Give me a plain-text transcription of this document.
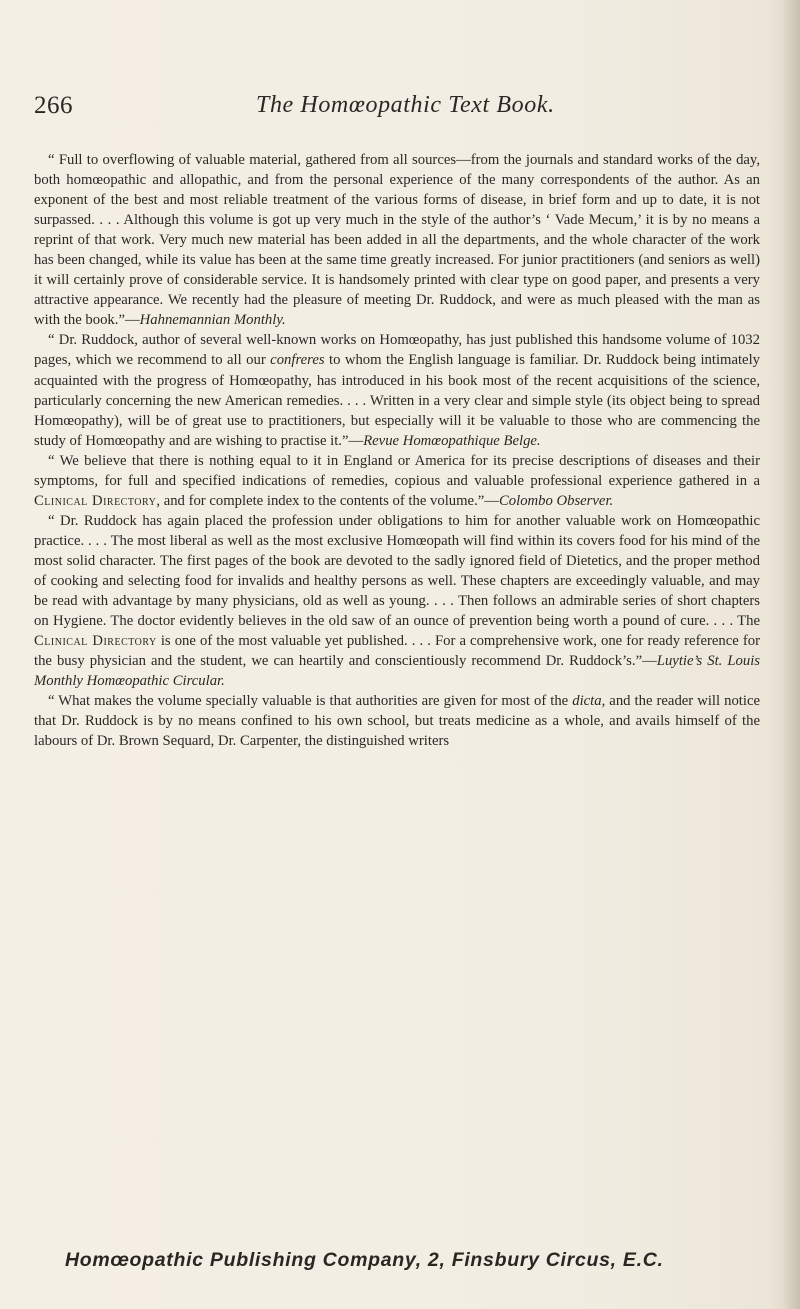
266	The Homœopathic Text Book.

“ Full to overflowing of valuable material, gathered from all sources—from the journals and standard works of the day, both homœopathic and allopathic, and from the personal experience of the many correspondents of the author. As an exponent of the best and most reliable treatment of the various forms of disease, in brief form and up to date, it is not surpassed. . . . Although this volume is got up very much in the style of the author’s ‘ Vade Mecum,’ it is by no means a reprint of that work. Very much new material has been added in all the departments, and the whole character of the work has been changed, while its value has been at the same time greatly increased. For junior practitioners (and seniors as well) it will certainly prove of considerable service. It is handsomely printed with clear type on good paper, and presents a very attractive appearance. We recently had the pleasure of meeting Dr. Ruddock, and were as much pleased with the man as with the book.”—Hahnemannian Monthly.

“ Dr. Ruddock, author of several well-known works on Homœopathy, has just published this handsome volume of 1032 pages, which we recommend to all our confreres to whom the English language is familiar. Dr. Ruddock being intimately acquainted with the progress of Homœopathy, has introduced in his book most of the recent acquisitions of the science, particularly concerning the new American remedies. . . . Written in a very clear and simple style (its object being to spread Homœopathy), will be of great use to practitioners, but especially will it be valuable to those who are commencing the study of Homœopathy and are wishing to practise it.”—Revue Homœopathique Belge.

“ We believe that there is nothing equal to it in England or America for its precise descriptions of diseases and their symptoms, for full and specified indications of remedies, copious and valuable professional experience gathered in a Clinical Directory, and for complete index to the contents of the volume.”—Colombo Observer.

“ Dr. Ruddock has again placed the profession under obligations to him for another valuable work on Homœopathic practice. . . . The most liberal as well as the most exclusive Homœopath will find within its covers food for his mind of the most solid character. The first pages of the book are devoted to the sadly ignored field of Dietetics, and the proper method of cooking and selecting food for invalids and healthy persons as well. These chapters are exceedingly valuable, and may be read with advantage by many physicians, old as well as young. . . . Then follows an admirable series of short chapters on Hygiene. The doctor evidently believes in the old saw of an ounce of prevention being worth a pound of cure. . . . The Clinical Directory is one of the most valuable yet published. . . . For a comprehensive work, one for ready reference for the busy physician and the student, we can heartily and conscientiously recommend Dr. Ruddock’s.”—Luytie’s St. Louis Monthly Homœopathic Circular.

“ What makes the volume specially valuable is that authorities are given for most of the dicta, and the reader will notice that Dr. Ruddock is by no means confined to his own school, but treats medicine as a whole, and avails himself of the labours of Dr. Brown Sequard, Dr. Carpenter, the distinguished writers

Homœopathic Publishing Company, 2, Finsbury Circus, E.C.
